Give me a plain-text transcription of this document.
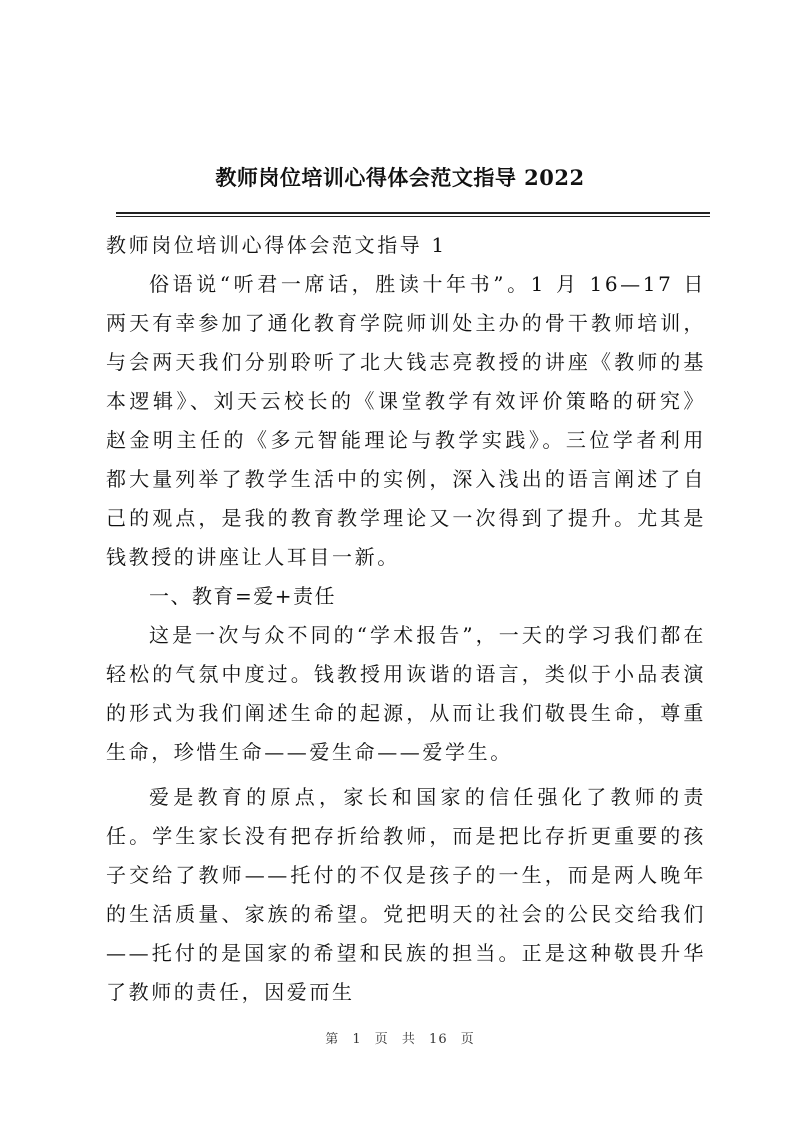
教师岗位培训心得体会范文指导 2022

教师岗位培训心得体会范文指导 1

俗语说“听君一席话，胜读十年书”。1 月 16—17 日两天有幸参加了通化教育学院师训处主办的骨干教师培训，与会两天我们分别聆听了北大钱志亮教授的讲座《教师的基本逻辑》、刘天云校长的《课堂教学有效评价策略的研究》赵金明主任的《多元智能理论与教学实践》。三位学者利用都大量列举了教学生活中的实例，深入浅出的语言阐述了自己的观点，是我的教育教学理论又一次得到了提升。尤其是钱教授的讲座让人耳目一新。

一、教育=爱+责任

这是一次与众不同的“学术报告”，一天的学习我们都在轻松的气氛中度过。钱教授用诙谐的语言，类似于小品表演的形式为我们阐述生命的起源，从而让我们敬畏生命，尊重生命，珍惜生命——爱生命——爱学生。

爱是教育的原点，家长和国家的信任强化了教师的责任。学生家长没有把存折给教师，而是把比存折更重要的孩子交给了教师——托付的不仅是孩子的一生，而是两人晚年的生活质量、家族的希望。党把明天的社会的公民交给我们——托付的是国家的希望和民族的担当。正是这种敬畏升华了教师的责任，因爱而生

第 1 页 共 16 页
